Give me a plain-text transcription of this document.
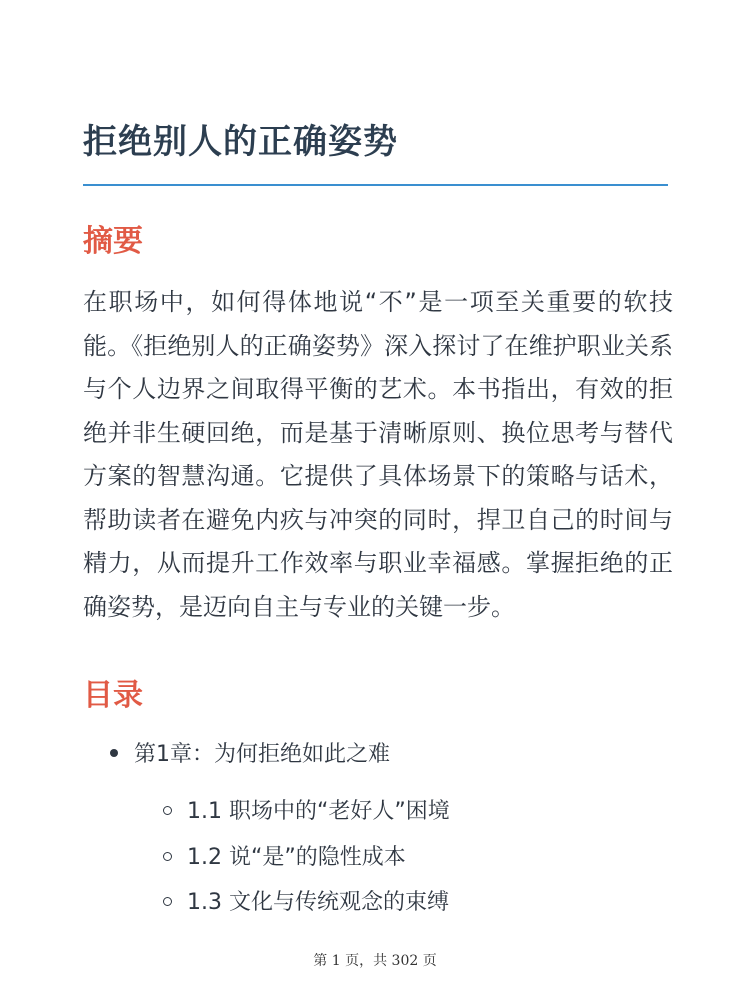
拒绝别人的正确姿势
摘要

在职场中，如何得体地说“不”是一项至关重要的软技能。《拒绝别人的正确姿势》深入探讨了在维护职业关系与个人边界之间取得平衡的艺术。本书指出，有效的拒绝并非生硬回绝，而是基于清晰原则、换位思考与替代方案的智慧沟通。它提供了具体场景下的策略与话术，帮助读者在避免内疚与冲突的同时，捍卫自己的时间与精力，从而提升工作效率与职业幸福感。掌握拒绝的正确姿势，是迈向自主与专业的关键一步。

目录
第1章：为何拒绝如此之难
1.1 职场中的“老好人”困境
1.2 说“是”的隐性成本
1.3 文化与传统观念的束缚
第 1 页，共 302 页
